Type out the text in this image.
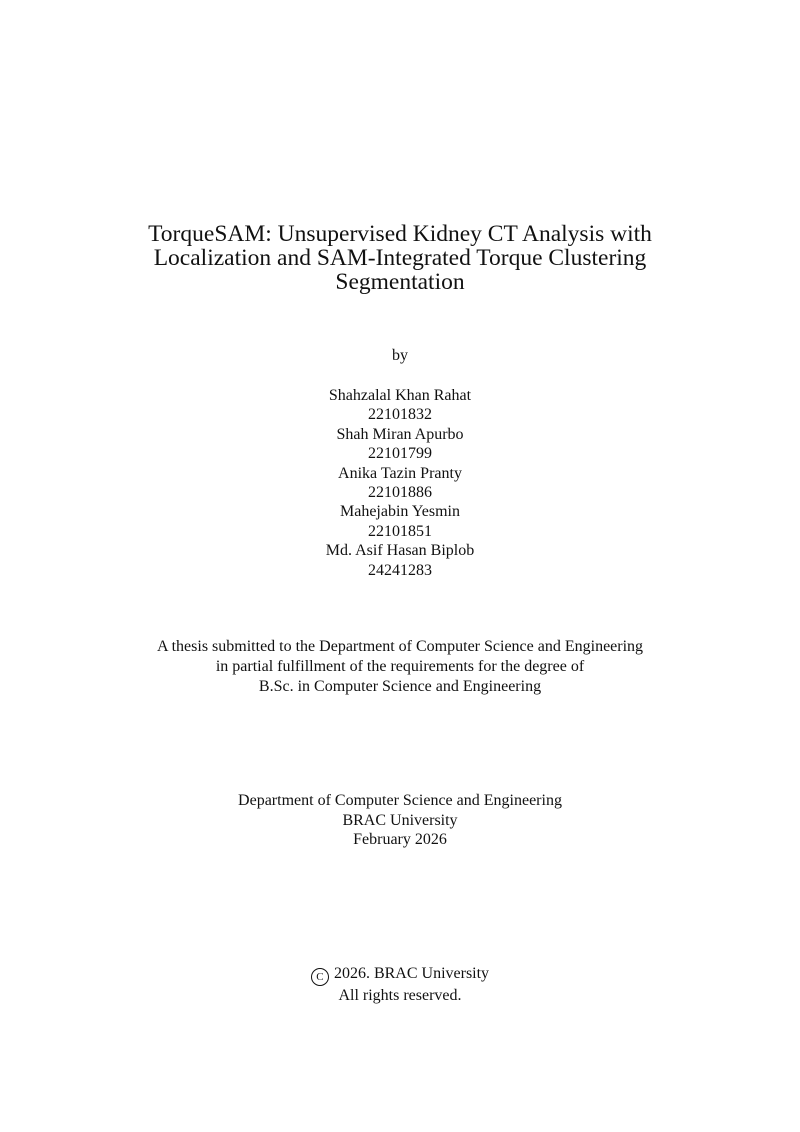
TorqueSAM: Unsupervised Kidney CT Analysis with
Localization and SAM-Integrated Torque Clustering
Segmentation
by
Shahzalal Khan Rahat
22101832
Shah Miran Apurbo
22101799
Anika Tazin Pranty
22101886
Mahejabin Yesmin
22101851
Md. Asif Hasan Biplob
24241283
A thesis submitted to the Department of Computer Science and Engineering
in partial fulfillment of the requirements for the degree of
B.Sc. in Computer Science and Engineering
Department of Computer Science and Engineering
BRAC University
February 2026
C 2026. BRAC University
All rights reserved.
